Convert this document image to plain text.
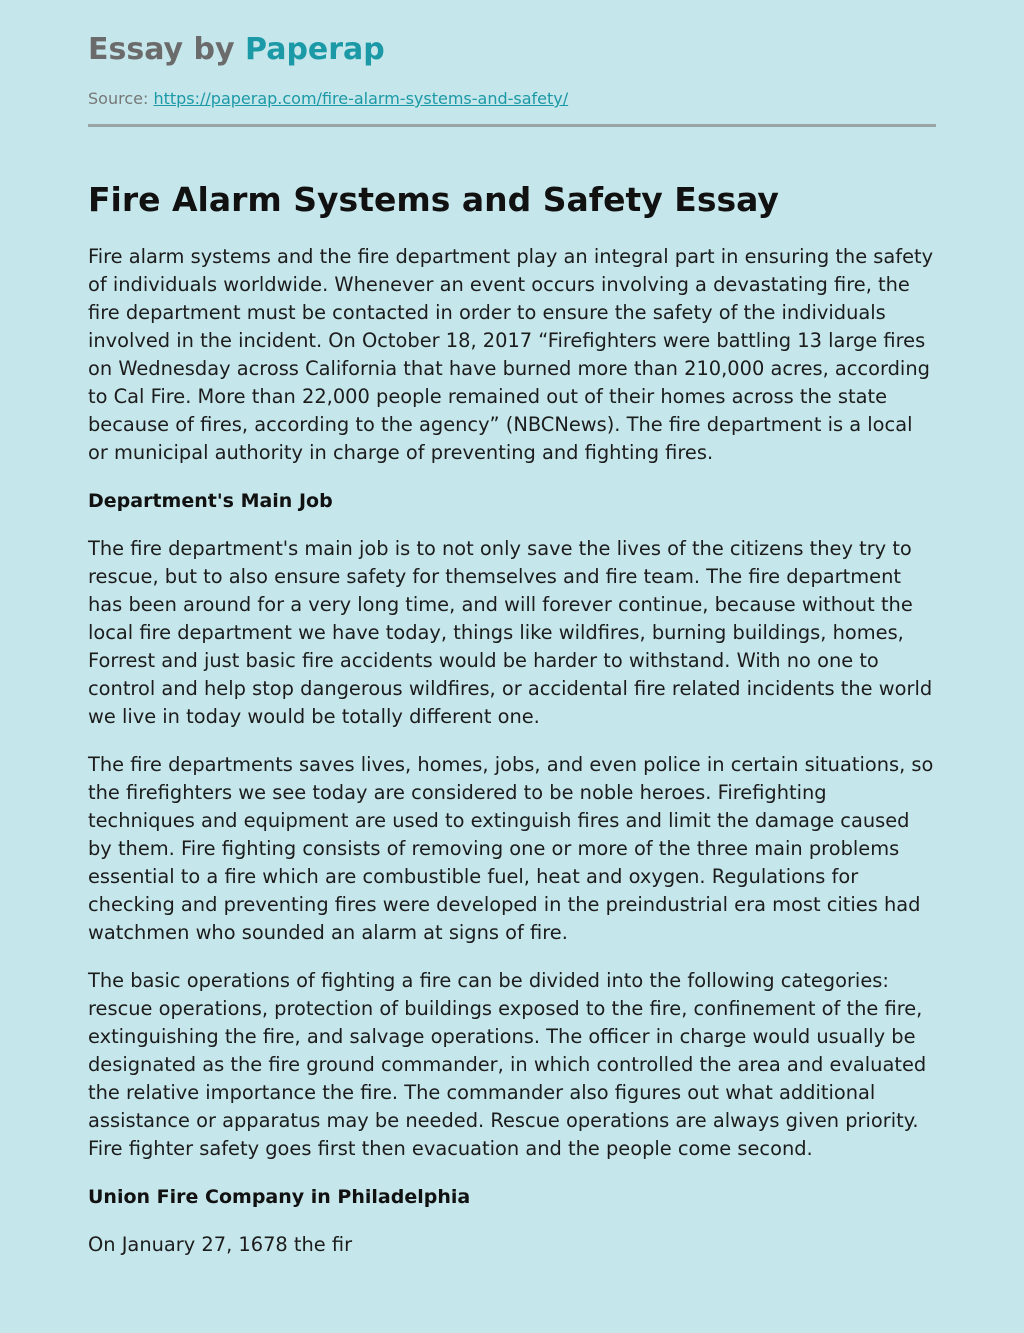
Essay by Paperap
Source: https://paperap.com/fire-alarm-systems-and-safety/
Fire Alarm Systems and Safety Essay

Fire alarm systems and the fire department play an integral part in ensuring the safety of individuals worldwide. Whenever an event occurs involving a devastating fire, the fire department must be contacted in order to ensure the safety of the individuals involved in the incident. On October 18, 2017 “Firefighters were battling 13 large fires on Wednesday across California that have burned more than 210,000 acres, according to Cal Fire. More than 22,000 people remained out of their homes across the state because of fires, according to the agency” (NBCNews). The fire department is a local or municipal authority in charge of preventing and fighting fires.

Department's Main Job

The fire department's main job is to not only save the lives of the citizens they try to rescue, but to also ensure safety for themselves and fire team. The fire department has been around for a very long time, and will forever continue, because without the local fire department we have today, things like wildfires, burning buildings, homes, Forrest and just basic fire accidents would be harder to withstand. With no one to control and help stop dangerous wildfires, or accidental fire related incidents the world we live in today would be totally different one.

The fire departments saves lives, homes, jobs, and even police in certain situations, so the firefighters we see today are considered to be noble heroes. Firefighting techniques and equipment are used to extinguish fires and limit the damage caused by them. Fire fighting consists of removing one or more of the three main problems essential to a fire which are combustible fuel, heat and oxygen. Regulations for checking and preventing fires were developed in the preindustrial era most cities had watchmen who sounded an alarm at signs of fire.

The basic operations of fighting a fire can be divided into the following categories: rescue operations, protection of buildings exposed to the fire, confinement of the fire, extinguishing the fire, and salvage operations. The officer in charge would usually be designated as the fire ground commander, in which controlled the area and evaluated the relative importance the fire. The commander also figures out what additional assistance or apparatus may be needed. Rescue operations are always given priority. Fire fighter safety goes first then evacuation and the people come second.

Union Fire Company in Philadelphia

On January 27, 1678 the fir
